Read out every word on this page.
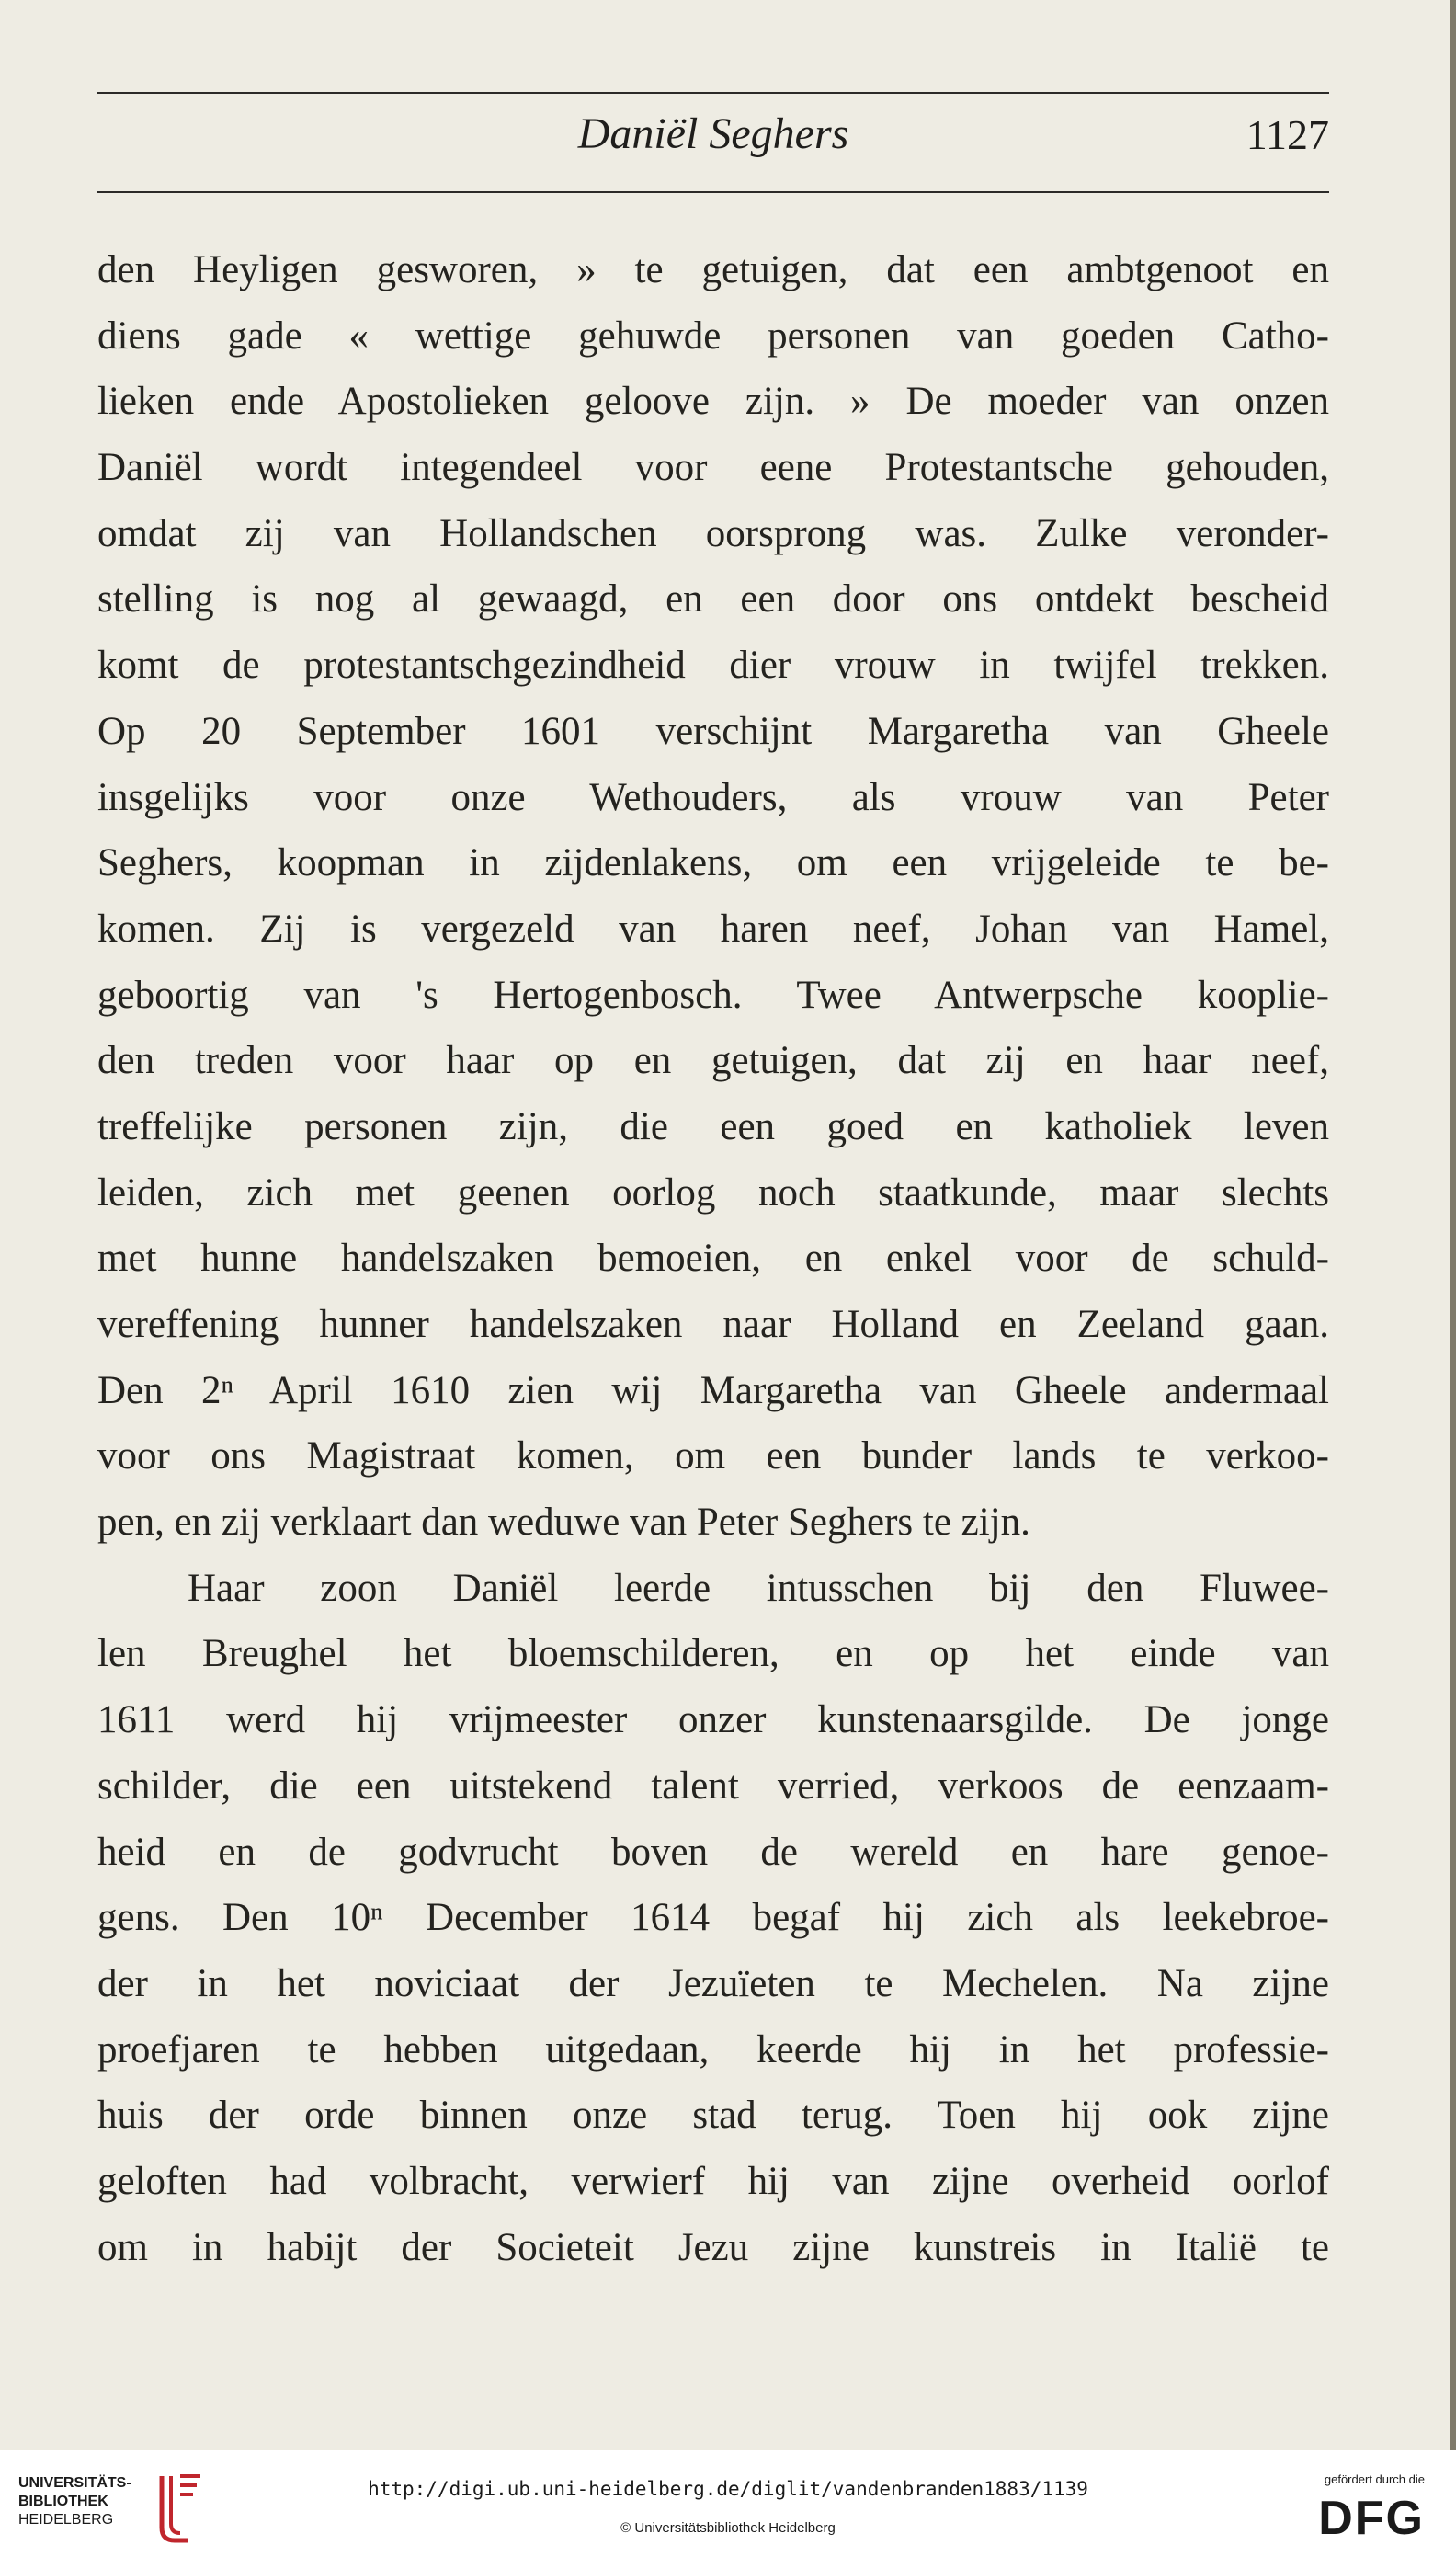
Daniël Seghers	1127
den Heyligen gesworen, » te getuigen, dat een ambtgenoot en
diens gade « wettige gehuwde personen van goeden Catho-
lieken ende Apostolieken geloove zijn. » De moeder van onzen
Daniël wordt integendeel voor eene Protestantsche gehouden,
omdat zij van Hollandschen oorsprong was. Zulke veronder-
stelling is nog al gewaagd, en een door ons ontdekt bescheid
komt de protestantschgezindheid dier vrouw in twijfel trekken.
Op 20 September 1601 verschijnt Margaretha van Gheele
insgelijks voor onze Wethouders, als vrouw van Peter
Seghers, koopman in zijdenlakens, om een vrijgeleide te be-
komen. Zij is vergezeld van haren neef, Johan van Hamel,
geboortig van 's Hertogenbosch. Twee Antwerpsche kooplie-
den treden voor haar op en getuigen, dat zij en haar neef,
treffelijke personen zijn, die een goed en katholiek leven
leiden, zich met geenen oorlog noch staatkunde, maar slechts
met hunne handelszaken bemoeien, en enkel voor de schuld-
vereffening hunner handelszaken naar Holland en Zeeland gaan.
Den 2ⁿ April 1610 zien wij Margaretha van Gheele andermaal
voor ons Magistraat komen, om een bunder lands te verkoo-
pen, en zij verklaart dan weduwe van Peter Seghers te zijn.
Haar zoon Daniël leerde intusschen bij den Fluwee-
len Breughel het bloemschilderen, en op het einde van
1611 werd hij vrijmeester onzer kunstenaarsgilde. De jonge
schilder, die een uitstekend talent verried, verkoos de eenzaam-
heid en de godvrucht boven de wereld en hare genoe-
gens. Den 10ⁿ December 1614 begaf hij zich als leekebroe-
der in het noviciaat der Jezuïeten te Mechelen. Na zijne
proefjaren te hebben uitgedaan, keerde hij in het professie-
huis der orde binnen onze stad terug. Toen hij ook zijne
geloften had volbracht, verwierf hij van zijne overheid oorlof
om in habijt der Societeit Jezu zijne kunstreis in Italië te
UNIVERSITÄTS-
BIBLIOTHEK
HEIDELBERG
http://digi.ub.uni-heidelberg.de/diglit/vandenbranden1883/1139
© Universitätsbibliothek Heidelberg
gefördert durch die
DFG
